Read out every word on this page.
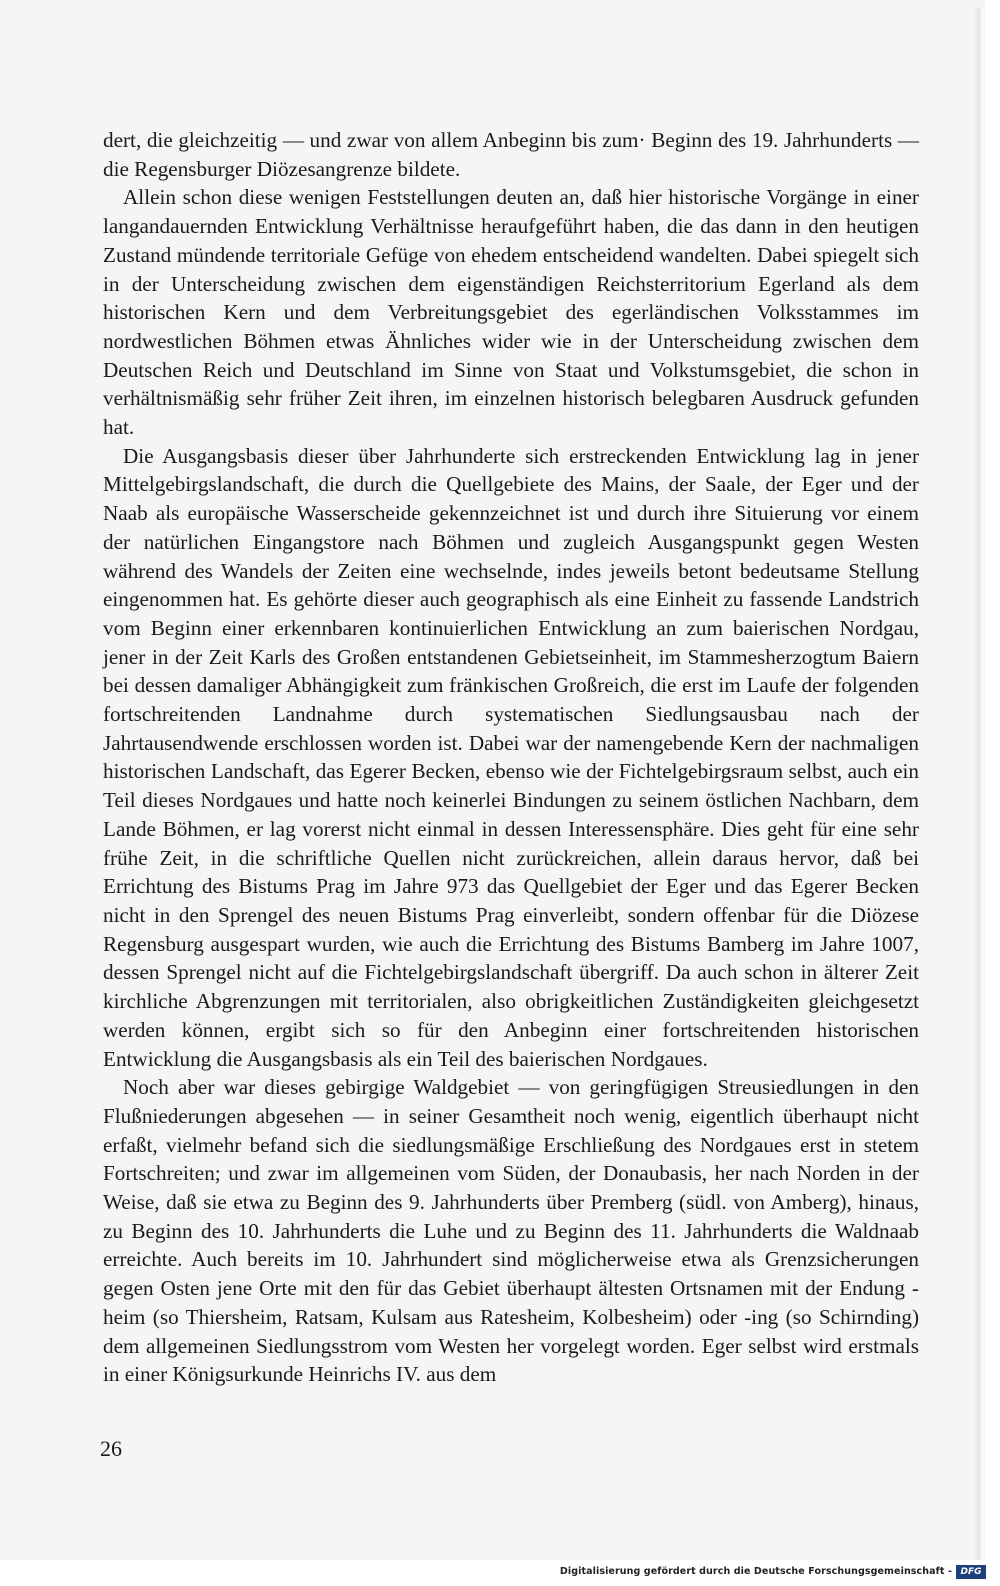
dert, die gleichzeitig — und zwar von allem Anbeginn bis zum· Beginn des 19. Jahrhunderts — die Regensburger Diözesangrenze bildete.

Allein schon diese wenigen Feststellungen deuten an, daß hier historische Vorgänge in einer langandauernden Entwicklung Verhältnisse heraufgeführt haben, die das dann in den heutigen Zustand mündende territoriale Gefüge von ehedem entscheidend wandelten. Dabei spiegelt sich in der Unterscheidung zwischen dem eigenständigen Reichsterritorium Egerland als dem historischen Kern und dem Verbreitungsgebiet des egerländischen Volksstammes im nordwestlichen Böhmen etwas Ähnliches wider wie in der Unterscheidung zwischen dem Deutschen Reich und Deutschland im Sinne von Staat und Volkstumsgebiet, die schon in verhältnismäßig sehr früher Zeit ihren, im einzelnen historisch belegbaren Ausdruck gefunden hat.

Die Ausgangsbasis dieser über Jahrhunderte sich erstreckenden Entwicklung lag in jener Mittelgebirgslandschaft, die durch die Quellgebiete des Mains, der Saale, der Eger und der Naab als europäische Wasserscheide gekennzeichnet ist und durch ihre Situierung vor einem der natürlichen Eingangstore nach Böhmen und zugleich Ausgangspunkt gegen Westen während des Wandels der Zeiten eine wechselnde, indes jeweils betont bedeutsame Stellung eingenommen hat. Es gehörte dieser auch geographisch als eine Einheit zu fassende Landstrich vom Beginn einer erkennbaren kontinuierlichen Entwicklung an zum baierischen Nordgau, jener in der Zeit Karls des Großen entstandenen Gebietseinheit, im Stammesherzogtum Baiern bei dessen damaliger Abhängigkeit zum fränkischen Großreich, die erst im Laufe der folgenden fortschreitenden Landnahme durch systematischen Siedlungsausbau nach der Jahrtausendwende erschlossen worden ist. Dabei war der namengebende Kern der nachmaligen historischen Landschaft, das Egerer Becken, ebenso wie der Fichtelgebirgsraum selbst, auch ein Teil dieses Nordgaues und hatte noch keinerlei Bindungen zu seinem östlichen Nachbarn, dem Lande Böhmen, er lag vorerst nicht einmal in dessen Interessensphäre. Dies geht für eine sehr frühe Zeit, in die schriftliche Quellen nicht zurückreichen, allein daraus hervor, daß bei Errichtung des Bistums Prag im Jahre 973 das Quellgebiet der Eger und das Egerer Becken nicht in den Sprengel des neuen Bistums Prag einverleibt, sondern offenbar für die Diözese Regensburg ausgespart wurden, wie auch die Errichtung des Bistums Bamberg im Jahre 1007, dessen Sprengel nicht auf die Fichtelgebirgslandschaft übergriff. Da auch schon in älterer Zeit kirchliche Abgrenzungen mit territorialen, also obrigkeitlichen Zuständigkeiten gleichgesetzt werden können, ergibt sich so für den Anbeginn einer fortschreitenden historischen Entwicklung die Ausgangsbasis als ein Teil des baierischen Nordgaues.

Noch aber war dieses gebirgige Waldgebiet — von geringfügigen Streusiedlungen in den Flußniederungen abgesehen — in seiner Gesamtheit noch wenig, eigentlich überhaupt nicht erfaßt, vielmehr befand sich die siedlungsmäßige Erschließung des Nordgaues erst in stetem Fortschreiten; und zwar im allgemeinen vom Süden, der Donaubasis, her nach Norden in der Weise, daß sie etwa zu Beginn des 9. Jahrhunderts über Premberg (südl. von Amberg), hinaus, zu Beginn des 10. Jahrhunderts die Luhe und zu Beginn des 11. Jahrhunderts die Waldnaab erreichte. Auch bereits im 10. Jahrhundert sind möglicherweise etwa als Grenzsicherungen gegen Osten jene Orte mit den für das Gebiet überhaupt ältesten Ortsnamen mit der Endung -heim (so Thiersheim, Ratsam, Kulsam aus Ratesheim, Kolbesheim) oder -ing (so Schirnding) dem allgemeinen Siedlungsstrom vom Westen her vorgelegt worden. Eger selbst wird erstmals in einer Königsurkunde Heinrichs IV. aus dem

26
Digitalisierung gefördert durch die Deutsche Forschungsgemeinschaft - DFG
